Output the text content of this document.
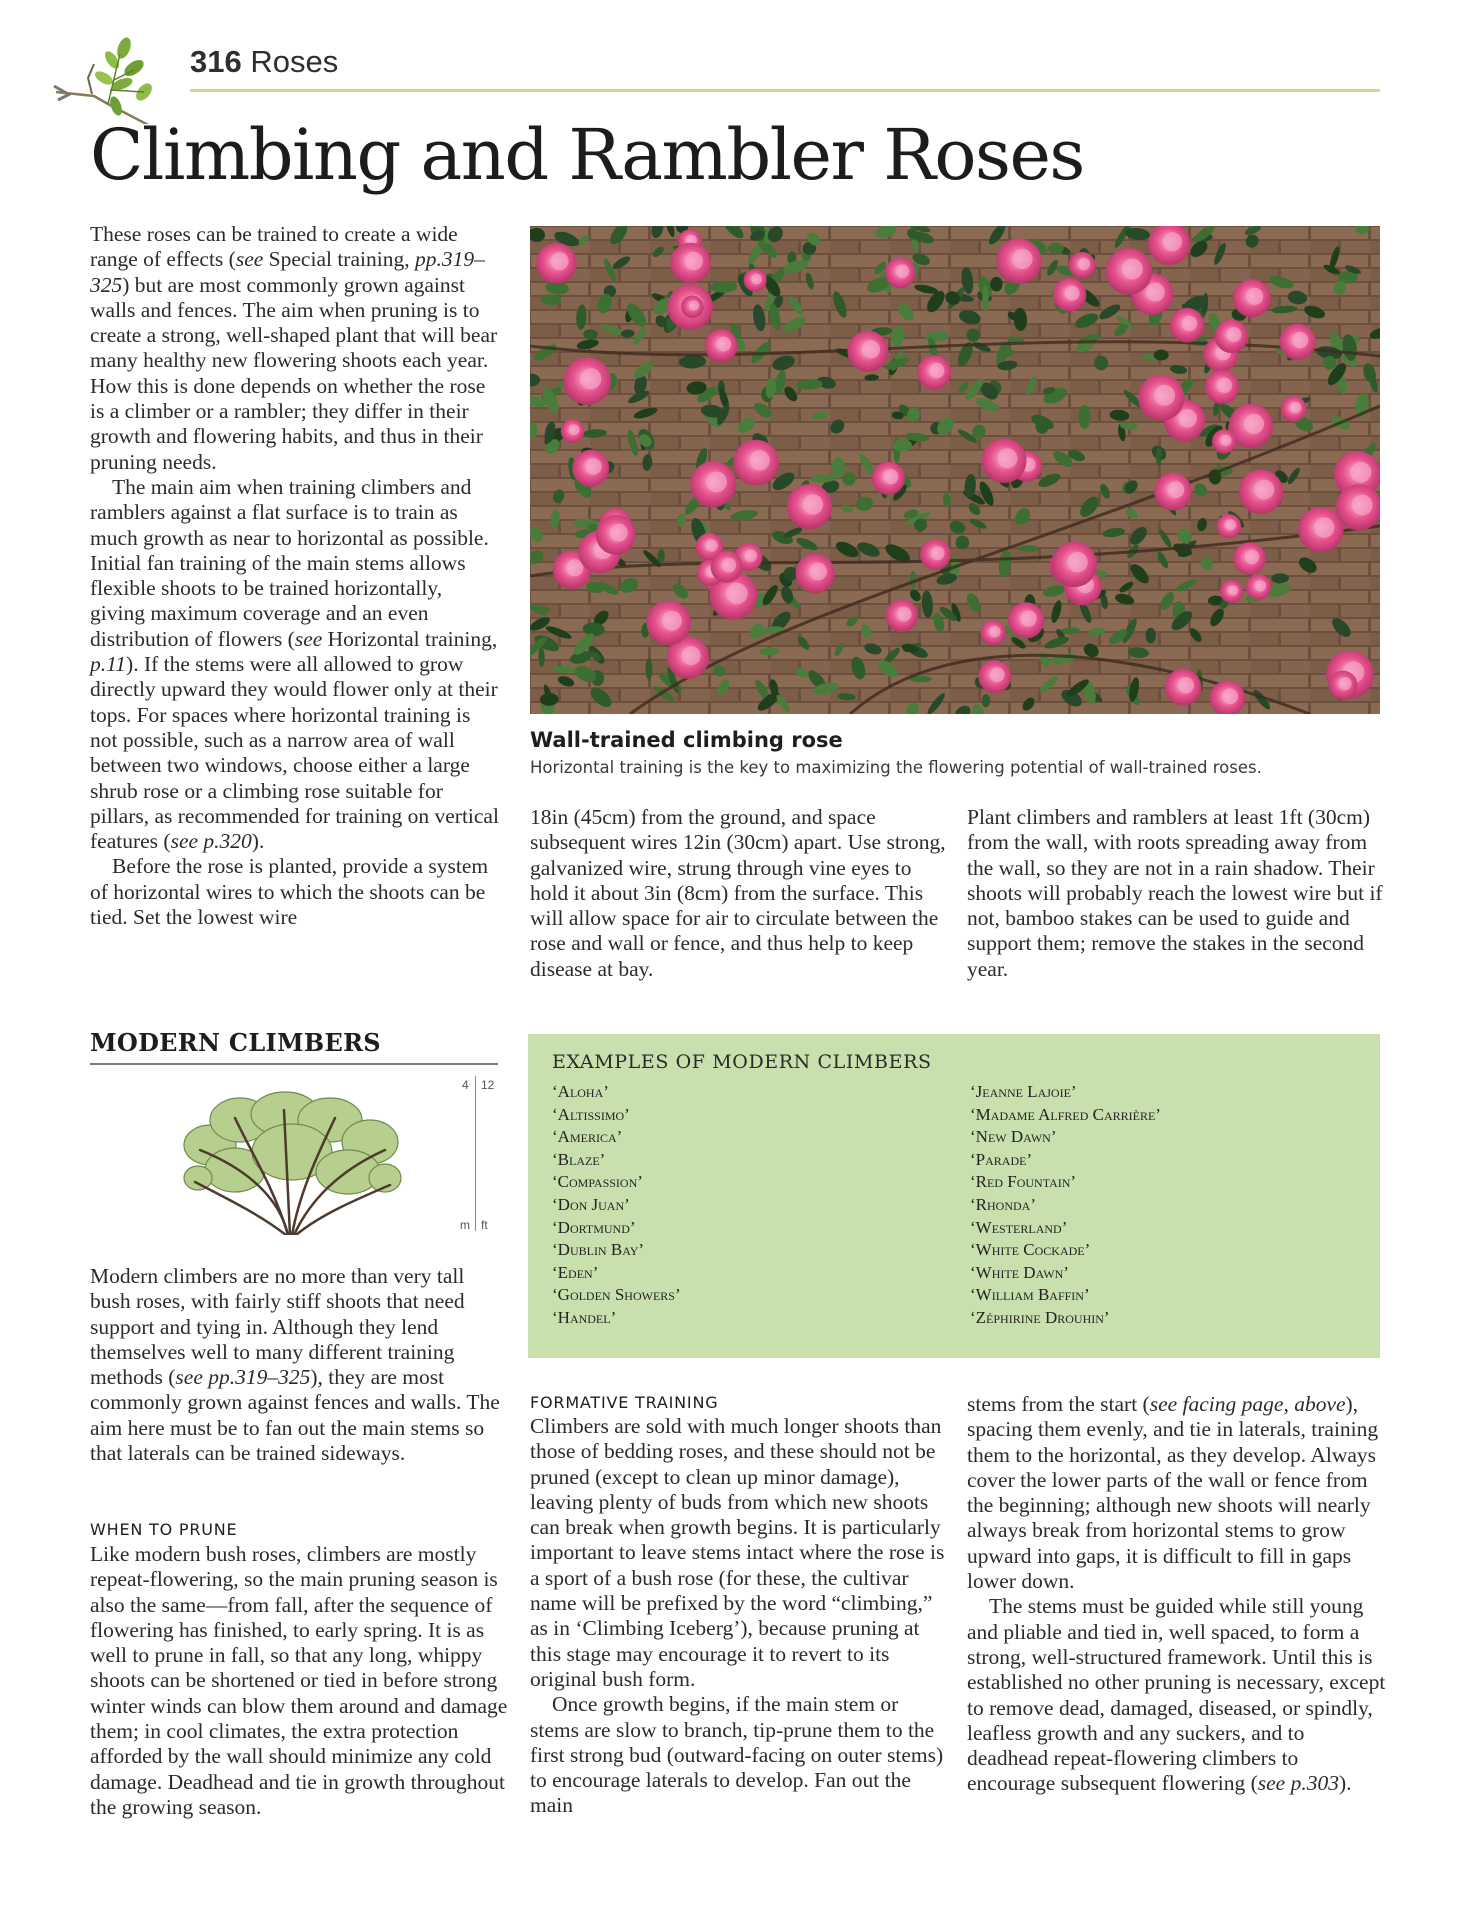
316 Roses
Climbing and Rambler Roses

These roses can be trained to create a wide range of effects (see Special training, pp.319–325) but are most commonly grown against walls and fences. The aim when pruning is to create a strong, well-shaped plant that will bear many healthy new flowering shoots each year. How this is done depends on whether the rose is a climber or a rambler; they differ in their growth and flowering habits, and thus in their pruning needs.

The main aim when training climbers and ramblers against a flat surface is to train as much growth as near to horizontal as possible. Initial fan training of the main stems allows flexible shoots to be trained horizontally, giving maximum coverage and an even distribution of flowers (see Horizontal training, p.11). If the stems were all allowed to grow directly upward they would flower only at their tops. For spaces where horizontal training is not possible, such as a narrow area of wall between two windows, choose either a large shrub rose or a climbing rose suitable for pillars, as recommended for training on vertical features (see p.320).

Before the rose is planted, provide a system of horizontal wires to which the shoots can be tied. Set the lowest wire

Wall-trained climbing rose
Horizontal training is the key to maximizing the flowering potential of wall-trained roses.

18in (45cm) from the ground, and space subsequent wires 12in (30cm) apart. Use strong, galvanized wire, strung through vine eyes to hold it about 3in (8cm) from the surface. This will allow space for air to circulate between the rose and wall or fence, and thus help to keep disease at bay.

Plant climbers and ramblers at least 1ft (30cm) from the wall, with roots spreading away from the wall, so they are not in a rain shadow. Their shoots will probably reach the lowest wire but if not, bamboo stakes can be used to guide and support them; remove the stakes in the second year.

MODERN CLIMBERS
4 12
m ft

Modern climbers are no more than very tall bush roses, with fairly stiff shoots that need support and tying in. Although they lend themselves well to many different training methods (see pp.319–325), they are most commonly grown against fences and walls. The aim here must be to fan out the main stems so that laterals can be trained sideways.

WHEN TO PRUNE

Like modern bush roses, climbers are mostly repeat-flowering, so the main pruning season is also the same—from fall, after the sequence of flowering has finished, to early spring. It is as well to prune in fall, so that any long, whippy shoots can be shortened or tied in before strong winter winds can blow them around and damage them; in cool climates, the extra protection afforded by the wall should minimize any cold damage. Deadhead and tie in growth throughout the growing season.

EXAMPLES OF MODERN CLIMBERS
‘Aloha’
‘Altissimo’
‘America’
‘Blaze’
‘Compassion’
‘Don Juan’
‘Dortmund’
‘Dublin Bay’
‘Eden’
‘Golden Showers’
‘Handel’
‘Jeanne Lajoie’
‘Madame Alfred Carrière’
‘New Dawn’
‘Parade’
‘Red Fountain’
‘Rhonda’
‘Westerland’
‘White Cockade’
‘White Dawn’
‘William Baffin’
‘Zéphirine Drouhin’
FORMATIVE TRAINING

Climbers are sold with much longer shoots than those of bedding roses, and these should not be pruned (except to clean up minor damage), leaving plenty of buds from which new shoots can break when growth begins. It is particularly important to leave stems intact where the rose is a sport of a bush rose (for these, the cultivar name will be prefixed by the word “climbing,” as in ‘Climbing Iceberg’), because pruning at this stage may encourage it to revert to its original bush form.

Once growth begins, if the main stem or stems are slow to branch, tip-prune them to the first strong bud (outward-facing on outer stems) to encourage laterals to develop. Fan out the main

stems from the start (see facing page, above), spacing them evenly, and tie in laterals, training them to the horizontal, as they develop. Always cover the lower parts of the wall or fence from the beginning; although new shoots will nearly always break from horizontal stems to grow upward into gaps, it is difficult to fill in gaps lower down.

The stems must be guided while still young and pliable and tied in, well spaced, to form a strong, well-structured framework. Until this is established no other pruning is necessary, except to remove dead, damaged, diseased, or spindly, leafless growth and any suckers, and to deadhead repeat-flowering climbers to encourage subsequent flowering (see p.303).
